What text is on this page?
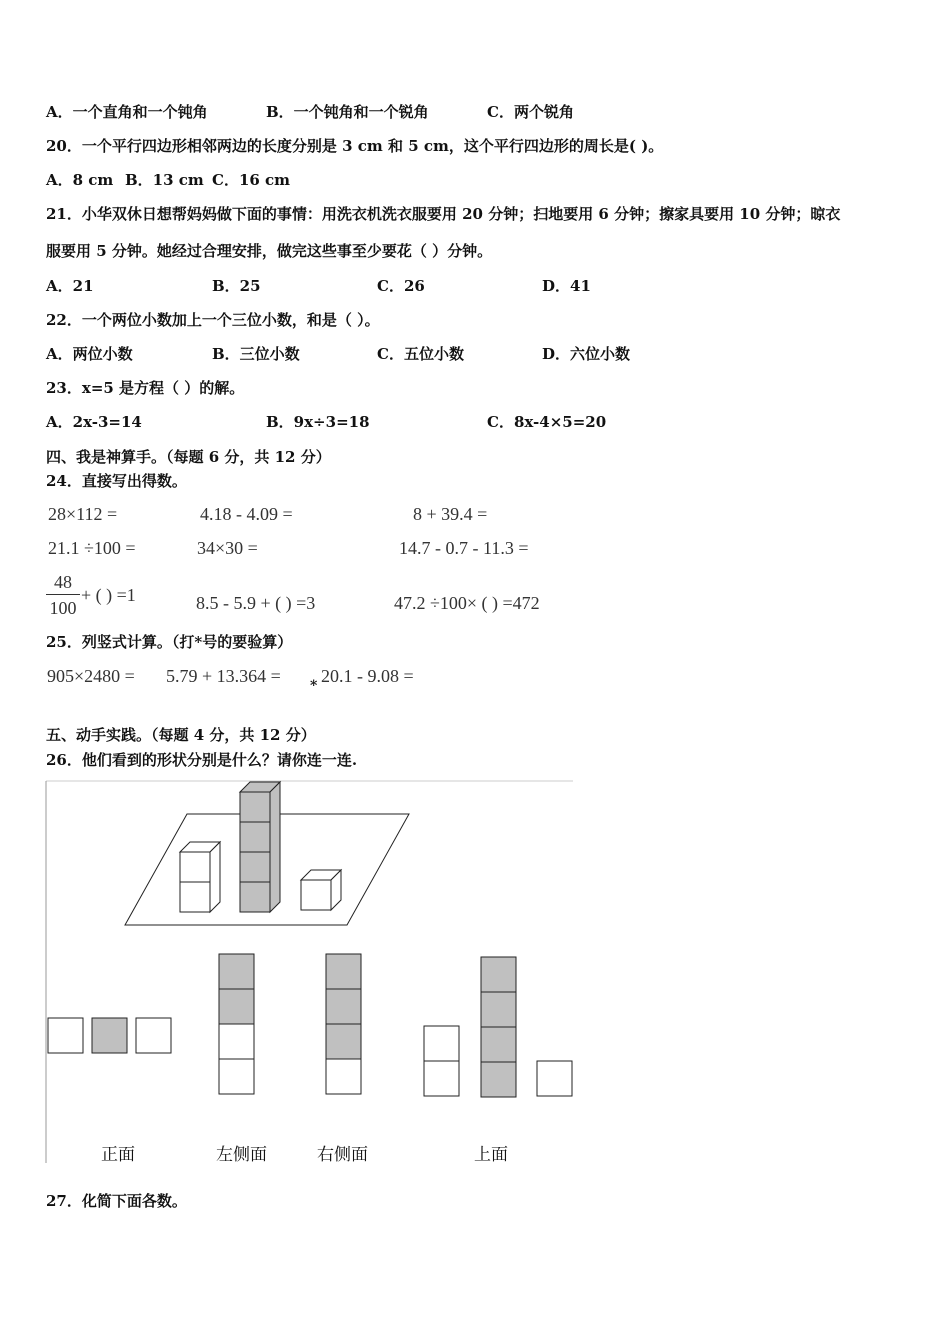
A．一个直角和一个钝角	B．一个钝角和一个锐角	C．两个锐角
20．一个平行四边形相邻两边的长度分别是 3 cm 和 5 cm，这个平行四边形的周长是( )。
A．8 cm B．13 cm C．16 cm
21．小华双休日想帮妈妈做下面的事情：用洗衣机洗衣服要用 20 分钟；扫地要用 6 分钟；擦家具要用 10 分钟；晾衣
服要用 5 分钟。她经过合理安排，做完这些事至少要花（ ）分钟。
A．21	B．25	C．26	D．41
22．一个两位小数加上一个三位小数，和是（ ）。
A．两位小数	B．三位小数	C．五位小数	D．六位小数
23．x=5 是方程（ ）的解。
A．2x-3=14	B．9x÷3=18	C．8x-4×5=20
四、我是神算手。（每题 6 分，共 12 分）
24．直接写出得数。
28×112 =	4.18 - 4.09 =	8 + 39.4 =
21.1 ÷100 =	34×30 =	14.7 - 0.7 - 11.3 =
48
100
+ ( ) =1	8.5 - 5.9 + ( ) =3	47.2 ÷100× ( ) =472
25．列竖式计算。（打*号的要验算）
905×2480 = 5.79 + 13.364 = * 20.1 - 9.08 =
五、动手实践。（每题 4 分，共 12 分）
26．他们看到的形状分别是什么？请你连一连.
正面	左侧面	右侧面	上面
27．化简下面各数。
